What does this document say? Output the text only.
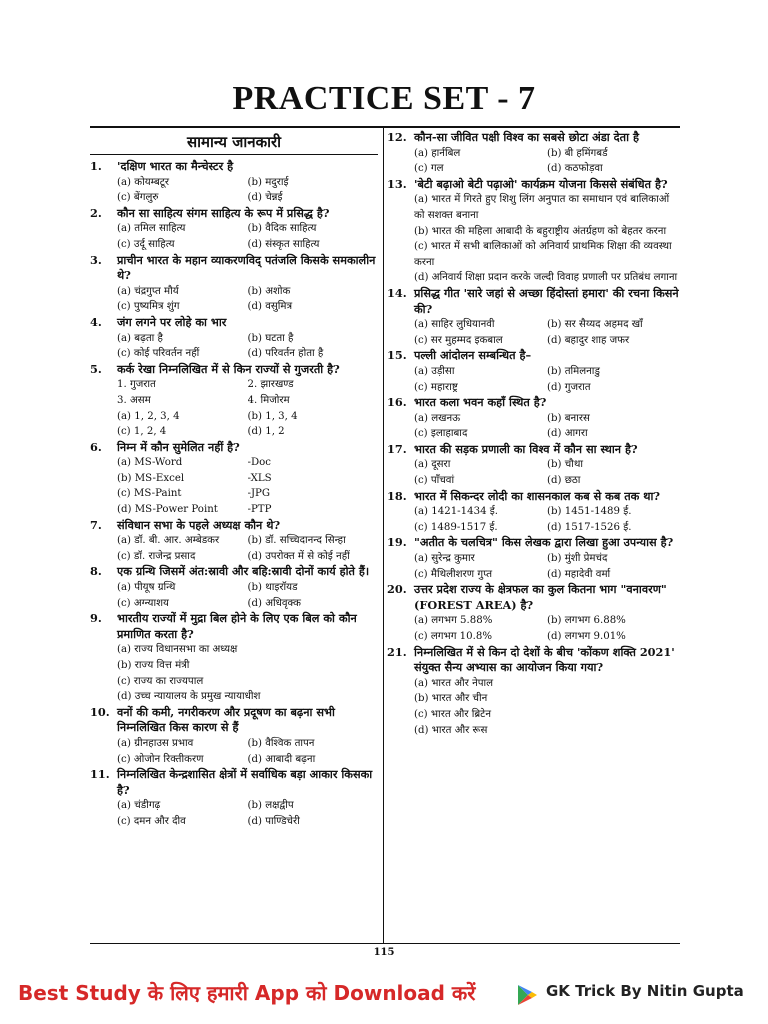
PRACTICE SET - 7
सामान्य जानकारी
1.	'दक्षिण भारत का मैन्चेस्टर है
(a) कोयम्बटूर	(b) मदुराई
(c) बेंगलुरु	(d) चेन्नई
2.	कौन सा साहित्य संगम साहित्य के रूप में प्रसिद्ध है?
(a) तमिल साहित्य	(b) वैदिक साहित्य
(c) उर्दू साहित्य	(d) संस्कृत साहित्य
3.	प्राचीन भारत के महान व्याकरणविद् पतंजलि किसके समकालीन थे?
(a) चंद्रगुप्त मौर्य	(b) अशोक
(c) पुष्यमित्र शुंग	(d) वसुमित्र
4.	जंग लगने पर लोहे का भार
(a) बढ़ता है	(b) घटता है
(c) कोई परिवर्तन नहीं	(d) परिवर्तन होता है
5.	कर्क रेखा निम्नलिखित में से किन राज्यों से गुजरती है?
1. गुजरात	2. झारखण्ड
3. असम	4. मिजोरम
(a) 1, 2, 3, 4	(b) 1, 3, 4
(c) 1, 2, 4	(d) 1, 2
6.	निम्न में कौन सुमेलित नहीं है?
(a) MS-Word	-Doc
(b) MS-Excel	-XLS
(c) MS-Paint	-JPG
(d) MS-Power Point	-PTP
7.	संविधान सभा के पहले अध्यक्ष कौन थे?
(a) डॉ. बी. आर. अम्बेडकर	(b) डॉ. सच्चिदानन्द सिन्हा
(c) डॉ. राजेन्द्र प्रसाद	(d) उपरोक्त में से कोई नहीं
8.	एक ग्रन्थि जिसमें अंत:स्रावी और बहि:स्रावी दोनों कार्य होते हैं।
(a) पीयूष ग्रन्थि	(b) थाइरॉयड
(c) अग्न्याशय	(d) अधिवृक्क
9.	भारतीय राज्यों में मुद्रा बिल होने के लिए एक बिल को कौन प्रमाणित करता है?
(a) राज्य विधानसभा का अध्यक्ष
(b) राज्य वित्त मंत्री
(c) राज्य का राज्यपाल
(d) उच्च न्यायालय के प्रमुख न्यायाधीश
10. वनों की कमी, नगरीकरण और प्रदूषण का बढ़ना सभी निम्नलिखित किस कारण से हैं
(a) ग्रीनहाउस प्रभाव	(b) वैश्विक तापन
(c) ओजोन रिक्तीकरण	(d) आबादी बढ़ना
11. निम्नलिखित केन्द्रशासित क्षेत्रों में सर्वाधिक बड़ा आकार किसका है?
(a) चंडीगढ़	(b) लक्षद्वीप
(c) दमन और दीव	(d) पाण्डिचेरी
12. कौन-सा जीवित पक्षी विश्व का सबसे छोटा अंडा देता है
(a) हार्नबिल	(b) बी हमिंगबर्ड
(c) गल	(d) कठफोड़वा
13. 'बेटी बढ़ाओ बेटी पढ़ाओ' कार्यक्रम योजना किससे संबंधित है?
(a) भारत में गिरते हुए शिशु लिंग अनुपात का समाधान एवं बालिकाओं को सशक्त बनाना
(b) भारत की महिला आबादी के बहुराष्ट्रीय अंतर्ग्रहण को बेहतर करना
(c) भारत में सभी बालिकाओं को अनिवार्य प्राथमिक शिक्षा की व्यवस्था करना
(d) अनिवार्य शिक्षा प्रदान करके जल्दी विवाह प्रणाली पर प्रतिबंध लगाना
14. प्रसिद्ध गीत 'सारे जहां से अच्छा हिंदोस्तां हमारा' की रचना किसने की?
(a) साहिर लुधियानवी	(b) सर सैय्यद अहमद खाँ
(c) सर मुहम्मद इकबाल	(d) बहादुर शाह जफर
15. पल्ली आंदोलन सम्बन्धित है–
(a) उड़ीसा	(b) तमिलनाडु
(c) महाराष्ट्र	(d) गुजरात
16. भारत कला भवन कहाँ स्थित है?
(a) लखनऊ	(b) बनारस
(c) इलाहाबाद	(d) आगरा
17. भारत की सड़क प्रणाली का विश्व में कौन सा स्थान है?
(a) दूसरा	(b) चौथा
(c) पाँचवां	(d) छठा
18. भारत में सिकन्दर लोदी का शासनकाल कब से कब तक था?
(a) 1421-1434 ई.	(b) 1451-1489 ई.
(c) 1489-1517 ई.	(d) 1517-1526 ई.
19. "अतीत के चलचित्र" किस लेखक द्वारा लिखा हुआ उपन्यास है?
(a) सुरेन्द्र कुमार	(b) मुंशी प्रेमचंद
(c) मैथिलीशरण गुप्त	(d) महादेवी वर्मा
20. उत्तर प्रदेश राज्य के क्षेत्रफल का कुल कितना भाग "वनावरण" (FOREST AREA) है?
(a) लगभग 5.88%	(b) लगभग 6.88%
(c) लगभग 10.8%	(d) लगभग 9.01%
21. निम्नलिखित में से किन दो देशों के बीच 'कोंकण शक्ति 2021' संयुक्त सैन्य अभ्यास का आयोजन किया गया?
(a) भारत और नेपाल
(b) भारत और चीन
(c) भारत और ब्रिटेन
(d) भारत और रूस
115
Best Study के लिए हमारी App को Download करें	GK Trick By Nitin Gupta
